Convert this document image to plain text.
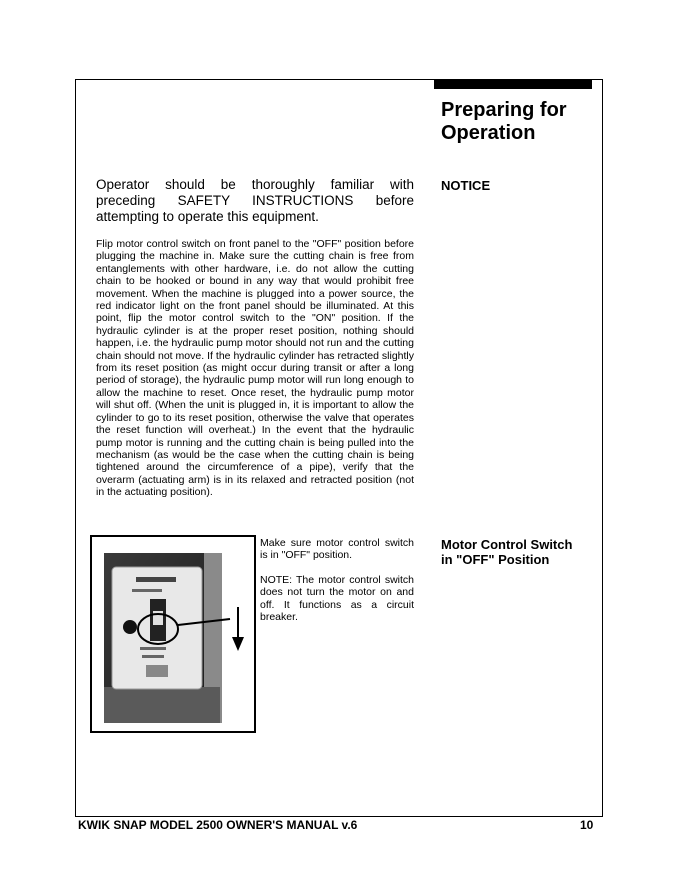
Preparing for
Operation
NOTICE

Operator should be thoroughly familiar with preceding SAFETY INSTRUCTIONS before attempting to operate this equipment.

Flip motor control switch on front panel to the "OFF" position before plugging the machine in. Make sure the cutting chain is free from entanglements with other hardware, i.e. do not allow the cutting chain to be hooked or bound in any way that would prohibit free movement. When the machine is plugged into a power source, the red indicator light on the front panel should be illuminated. At this point, flip the motor control switch to the "ON" position. If the hydraulic cylinder is at the proper reset position, nothing should happen, i.e. the hydraulic pump motor should not run and the cutting chain should not move. If the hydraulic cylinder has retracted slightly from its reset position (as might occur during transit or after a long period of storage), the hydraulic pump motor will run long enough to allow the machine to reset. Once reset, the hydraulic pump motor will shut off. (When the unit is plugged in, it is important to allow the cylinder to go to its reset position, otherwise the valve that operates the reset function will overheat.) In the event that the hydraulic pump motor is running and the cutting chain is being pulled into the mechanism (as would be the case when the cutting chain is being tightened around the circumference of a pipe), verify that the overarm (actuating arm) is in its relaxed and retracted position (not in the actuating position).

Make sure motor control switch is in "OFF" position.

NOTE: The motor control switch does not turn the motor on and off. It functions as a circuit breaker.

Motor Control Switch
in "OFF" Position
KWIK SNAP MODEL 2500 OWNER'S MANUAL v.6	10
